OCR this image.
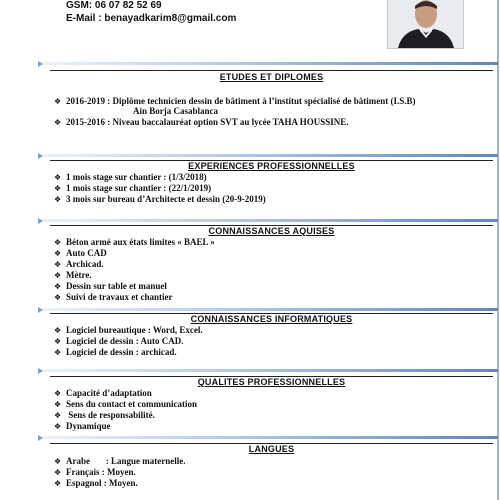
GSM: 06 07 82 52 69
E-Mail : benayadkarim8@gmail.com
ETUDES ET DIPLOMES
❖ 2016-2019 : Diplôme technicien dessin de bâtiment à l’institut spécialisé de bâtiment (I.S.B)
Ain Borja Casablanca
❖ 2015-2016 : Niveau baccalauréat option SVT au lycée TAHA HOUSSINE.
EXPERIENCES PROFESSIONNELLES
❖ 1 mois stage sur chantier : (1/3/2018)
❖ 1 mois stage sur chantier : (22/1/2019)
❖ 3 mois sur bureau d’Architecte et dessin (20-9-2019)
CONNAISSANCES AQUISES
❖ Béton armé aux états limites « BAEL »
❖ Auto CAD
❖ Archicad.
❖ Mètre.
❖ Dessin sur table et manuel
❖ Suivi de travaux et chantier
CONNAISSANCES INFORMATIQUES
❖ Logiciel bureautique : Word, Excel.
❖ Logiciel de dessin : Auto CAD.
❖ Logiciel de dessin : archicad.
QUALITES PROFESSIONNELLES
❖ Capacité d’adaptation
❖ Sens du contact et communication
❖ Sens de responsabilité.
❖ Dynamique
LANGUES
❖ Arabe       : Langue maternelle.
❖ Français : Moyen.
❖ Espagnol : Moyen.
